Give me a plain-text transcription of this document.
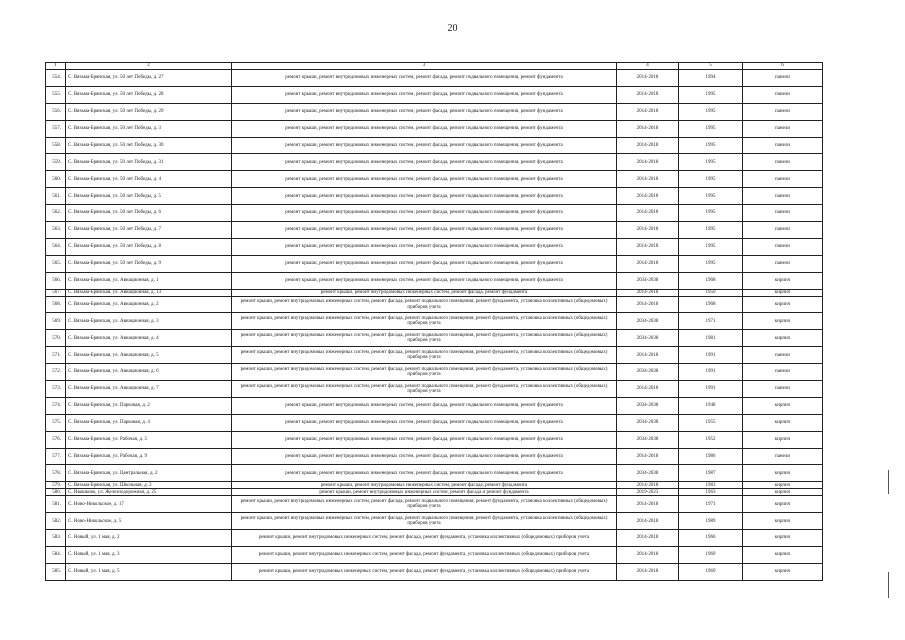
20
1	2	3	4	5	6
554.	С. Вязьма-Брянская, ул. 50 лет Победы, д. 27	ремонт крыши, ремонт внутридомовых инженерных систем, ремонт фасада, ремонт подвального помещения, ремонт фундамента	2014-2018	1994	панели
555.	С. Вязьма-Брянская, ул. 50 лет Победы, д. 28	ремонт крыши, ремонт внутридомовых инженерных систем, ремонт фасада, ремонт подвального помещения, ремонт фундамента	2014-2018	1995	панели
556.	С. Вязьма-Брянская, ул. 50 лет Победы, д. 29	ремонт крыши, ремонт внутридомовых инженерных систем, ремонт фасада, ремонт подвального помещения, ремонт фундамента	2014-2018	1995	панели
557.	С. Вязьма-Брянская, ул. 50 лет Победы, д. 3	ремонт крыши, ремонт внутридомовых инженерных систем, ремонт фасада, ремонт подвального помещения, ремонт фундамента	2014-2018	1995	панели
558.	С. Вязьма-Брянская, ул. 50 лет Победы, д. 30	ремонт крыши, ремонт внутридомовых инженерных систем, ремонт фасада, ремонт подвального помещения, ремонт фундамента	2014-2018	1995	панели
559.	С. Вязьма-Брянская, ул. 50 лет Победы, д. 31	ремонт крыши, ремонт внутридомовых инженерных систем, ремонт фасада, ремонт подвального помещения, ремонт фундамента	2014-2018	1995	панели
560.	С. Вязьма-Брянская, ул. 50 лет Победы, д. 4	ремонт крыши, ремонт внутридомовых инженерных систем, ремонт фасада, ремонт подвального помещения, ремонт фундамента	2014-2018	1995	панели
561.	С. Вязьма-Брянская, ул. 50 лет Победы, д. 5	ремонт крыши, ремонт внутридомовых инженерных систем, ремонт фасада, ремонт подвального помещения, ремонт фундамента	2014-2018	1995	панели
562.	С. Вязьма-Брянская, ул. 50 лет Победы, д. 6	ремонт крыши, ремонт внутридомовых инженерных систем, ремонт фасада, ремонт подвального помещения, ремонт фундамента	2014-2018	1995	панели
563.	С. Вязьма-Брянская, ул. 50 лет Победы, д. 7	ремонт крыши, ремонт внутридомовых инженерных систем, ремонт фасада, ремонт подвального помещения, ремонт фундамента	2014-2018	1995	панели
564.	С. Вязьма-Брянская, ул. 50 лет Победы, д. 8	ремонт крыши, ремонт внутридомовых инженерных систем, ремонт фасада, ремонт подвального помещения, ремонт фундамента	2014-2018	1995	панели
565.	С. Вязьма-Брянская, ул. 50 лет Победы, д. 9	ремонт крыши, ремонт внутридомовых инженерных систем, ремонт фасада, ремонт подвального помещения, ремонт фундамента	2014-2018	1995	панели
566.	С. Вязьма-Брянская, ул. Авиационная, д. 1	ремонт крыши, ремонт внутридомовых инженерных систем, ремонт фасада, ремонт подвального помещения, ремонт фундамента	2034-2038	1968	кирпич
567.	С. Вязьма-Брянская, ул. Авиационная, д. 13	ремонт крыши, ремонт внутридомовых инженерных систем, ремонт фасада, ремонт фундамента	2014-2018	1950	кирпич
568.	С. Вязьма-Брянская, ул. Авиационная, д. 2	ремонт крыши, ремонт внутридомовых инженерных систем, ремонт фасада, ремонт подвального помещения, ремонт фундамента, установка коллективных (общедомовых) приборов учета	2014-2018	1968	кирпич
569.	С. Вязьма-Брянская, ул. Авиационная, д. 3	ремонт крыши, ремонт внутридомовых инженерных систем, ремонт фасада, ремонт подвального помещения, ремонт фундамента, установка коллективных (общедомовых) приборов учета	2034-2038	1971	кирпич
570.	С. Вязьма-Брянская, ул. Авиационная, д. 4	ремонт крыши, ремонт внутридомовых инженерных систем, ремонт фасада, ремонт подвального помещения, ремонт фундамента, установка коллективных (общедомовых) приборов учета	2034-2038	1981	кирпич
571.	С. Вязьма-Брянская, ул. Авиационная, д. 5	ремонт крыши, ремонт внутридомовых инженерных систем, ремонт фасада, ремонт подвального помещения, ремонт фундамента, установка коллективных (общедомовых) приборов учета	2014-2018	1991	панели
572.	С. Вязьма-Брянская, ул. Авиационная, д. 6	ремонт крыши, ремонт внутридомовых инженерных систем, ремонт фасада, ремонт подвального помещения, ремонт фундамента, установка коллективных (общедомовых) приборов учета	2034-2038	1991	панели
573.	С. Вязьма-Брянская, ул. Авиационная, д. 7	ремонт крыши, ремонт внутридомовых инженерных систем, ремонт фасада, ремонт подвального помещения, ремонт фундамента, установка коллективных (общедомовых) приборов учета	2014-2018	1991	панели
574.	С. Вязьма-Брянская, ул. Парковая, д. 2	ремонт крыши, ремонт внутридомовых инженерных систем, ремонт фасада, ремонт подвального помещения, ремонт фундамента	2034-2038	1948	кирпич
575.	С. Вязьма-Брянская, ул. Парковая, д. 4	ремонт крыши, ремонт внутридомовых инженерных систем, ремонт фасада, ремонт подвального помещения, ремонт фундамента	2034-2038	1955	кирпич
576.	С. Вязьма-Брянская, ул. Рабочая, д. 5	ремонт крыши, ремонт внутридомовых инженерных систем, ремонт фасада, ремонт подвального помещения, ремонт фундамента	2034-2038	1952	кирпич
577.	С. Вязьма-Брянская, ул. Рабочая, д. 9	ремонт крыши, ремонт внутридомовых инженерных систем, ремонт фасада, ремонт подвального помещения, ремонт фундамента	2014-2018	1986	панели
578.	С. Вязьма-Брянская, ул. Центральная, д. 2	ремонт крыши, ремонт внутридомовых инженерных систем, ремонт фасада, ремонт подвального помещения, ремонт фундамента	2034-2038	1987	кирпич
579.	С. Вязьма-Брянская, ул. Школьная, д. 2	ремонт крыши, ремонт внутридомовых инженерных систем, ремонт фасада, ремонт фундамента	2014-2018	1983	кирпич
580.	С. Ивашково, ул. Железнодорожная, д. 25	ремонт крыши, ремонт внутридомовых инженерных систем, ремонт фасада и ремонт фундамента	2019-2023	1963	кирпич
581.	С. Ново-Никольское, д. 17	ремонт крыши, ремонт внутридомовых инженерных систем, ремонт фасада, ремонт подвального помещения, ремонт фундамента, установка коллективных (общедомовых) приборов учета	2014-2018	1971	кирпич
582.	С. Ново-Никольское, д. 5	ремонт крыши, ремонт внутридомовых инженерных систем, ремонт фасада, ремонт подвального помещения, ремонт фундамента, установка коллективных (общедомовых) приборов учета	2014-2018	1989	кирпич
583.	С. Новый, ул. 1 мая, д. 2	ремонт крыши, ремонт внутридомовых инженерных систем, ремонт фасада, ремонт фундамента, установка коллективных (общедомовых) приборов учета	2014-2018	1966	кирпич
584.	С. Новый, ул. 1 мая, д. 3	ремонт крыши, ремонт внутридомовых инженерных систем, ремонт фасада, ремонт фундамента, установка коллективных (общедомовых) приборов учета	2014-2018	1969	кирпич
585.	С. Новый, ул. 1 мая, д. 5	ремонт крыши, ремонт внутридомовых инженерных систем, ремонт фасада, ремонт фундамента, установка коллективных (общедомовых) приборов учета	2014-2018	1969	кирпич
